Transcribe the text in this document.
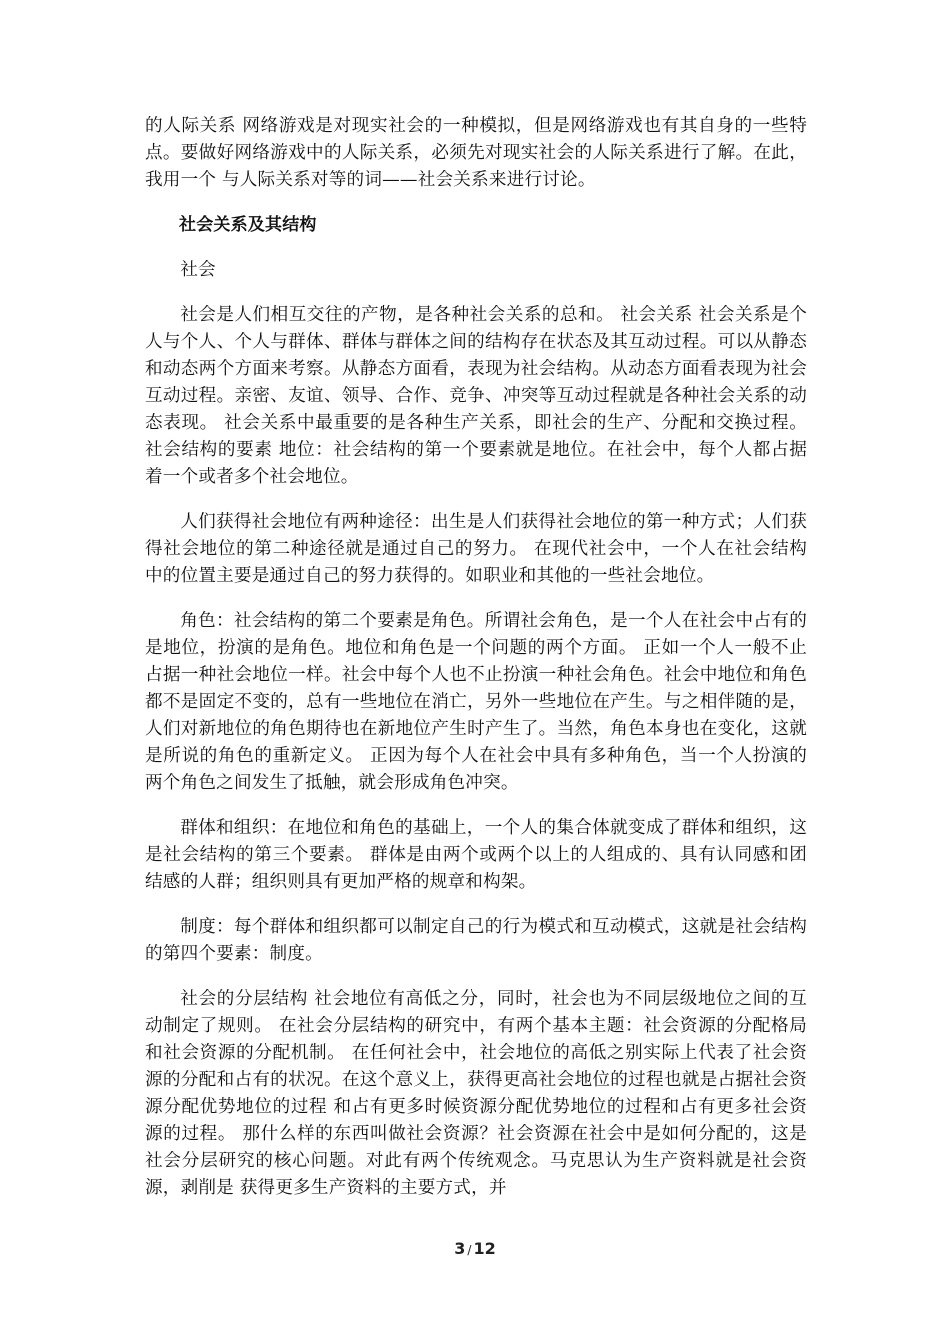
的人际关系 网络游戏是对现实社会的一种模拟，但是网络游戏也有其自身的一些特点。要做好网络游戏中的人际关系，必须先对现实社会的人际关系进行了解。在此，我用一个 与人际关系对等的词——社会关系来进行讨论。

社会关系及其结构

社会

社会是人们相互交往的产物，是各种社会关系的总和。 社会关系 社会关系是个人与个人、个人与群体、群体与群体之间的结构存在状态及其互动过程。可以从静态和动态两个方面来考察。从静态方面看，表现为社会结构。从动态方面看表现为社会互动过程。亲密、友谊、领导、合作、竞争、冲突等互动过程就是各种社会关系的动态表现。 社会关系中最重要的是各种生产关系，即社会的生产、分配和交换过程。 社会结构的要素 地位：社会结构的第一个要素就是地位。在社会中，每个人都占据着一个或者多个社会地位。

人们获得社会地位有两种途径：出生是人们获得社会地位的第一种方式；人们获得社会地位的第二种途径就是通过自己的努力。 在现代社会中，一个人在社会结构中的位置主要是通过自己的努力获得的。如职业和其他的一些社会地位。

角色：社会结构的第二个要素是角色。所谓社会角色，是一个人在社会中占有的是地位，扮演的是角色。地位和角色是一个问题的两个方面。 正如一个人一般不止占据一种社会地位一样。社会中每个人也不止扮演一种社会角色。社会中地位和角色都不是固定不变的，总有一些地位在消亡，另外一些地位在产生。与之相伴随的是，人们对新地位的角色期待也在新地位产生时产生了。当然，角色本身也在变化，这就是所说的角色的重新定义。 正因为每个人在社会中具有多种角色，当一个人扮演的两个角色之间发生了抵触，就会形成角色冲突。

群体和组织：在地位和角色的基础上，一个人的集合体就变成了群体和组织，这是社会结构的第三个要素。 群体是由两个或两个以上的人组成的、具有认同感和团结感的人群；组织则具有更加严格的规章和构架。

制度：每个群体和组织都可以制定自己的行为模式和互动模式，这就是社会结构的第四个要素：制度。

社会的分层结构 社会地位有高低之分，同时，社会也为不同层级地位之间的互动制定了规则。 在社会分层结构的研究中，有两个基本主题：社会资源的分配格局和社会资源的分配机制。 在任何社会中，社会地位的高低之别实际上代表了社会资源的分配和占有的状况。在这个意义上，获得更高社会地位的过程也就是占据社会资源分配优势地位的过程 和占有更多时候资源分配优势地位的过程和占有更多社会资源的过程。 那什么样的东西叫做社会资源？社会资源在社会中是如何分配的，这是社会分层研究的核心问题。对此有两个传统观念。马克思认为生产资料就是社会资源，剥削是 获得更多生产资料的主要方式，并

3 / 12
